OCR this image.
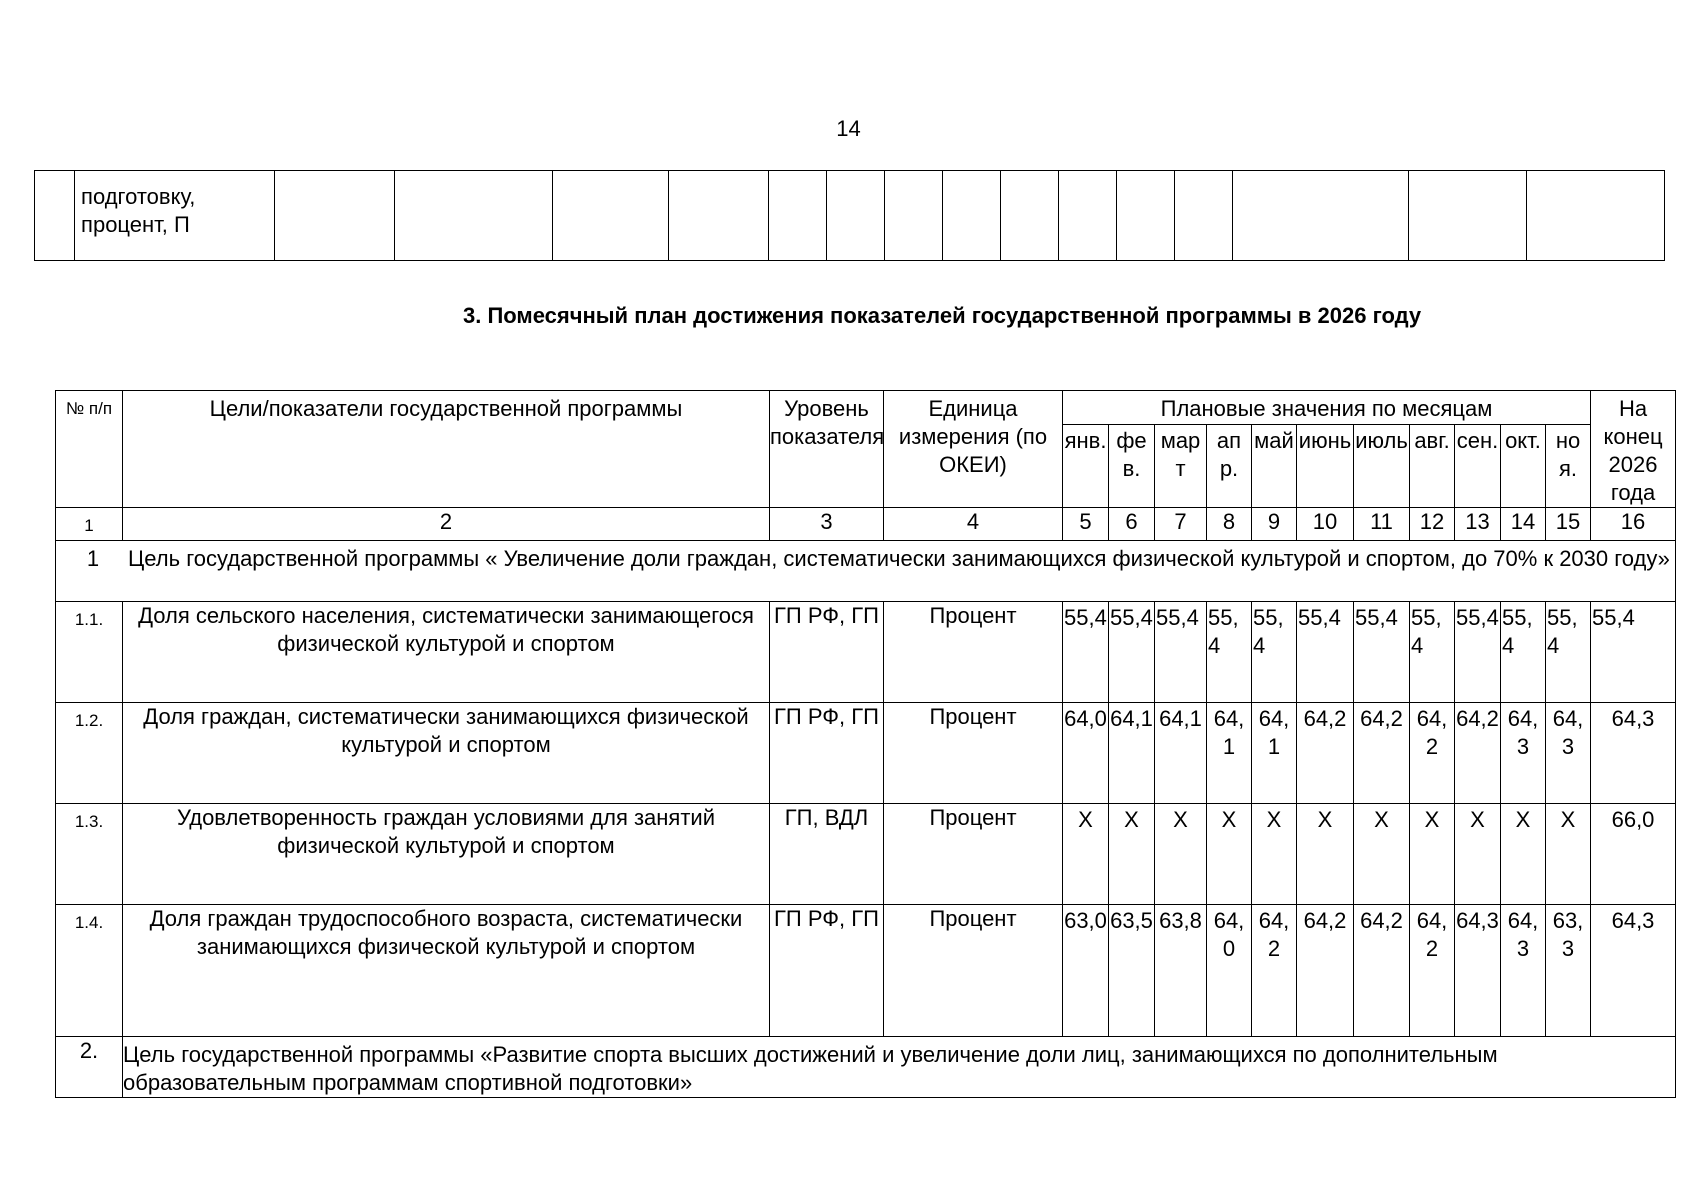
14
	подготовку, процент, П															
3. Помесячный план достижения показателей государственной программы в 2026 году
№ п/п	Цели/показатели государственной программы	Уровень показателя	Единица измерения (по ОКЕИ)	Плановые значения по месяцам											На конец 2026 года
				янв.	фев.	март	апр.	май	июнь	июль	авг.	сен.	окт.	ноя.	
1	2	3	4	5	6	7	8	9	10	11	12	13	14	15	16
1 Цель государственной программы « Увеличение доли граждан, систематически занимающихся физической культурой и спортом, до 70% к 2030 году»															
1.1.	Доля сельского населения, систематически занимающегося физической культурой и спортом	ГП РФ, ГП	Процент	55,4	55,4	55,4	55,4	55,4	55,4	55,4	55,4	55,4	55,4	55,4	55,4
1.2.	Доля граждан, систематически занимающихся физической культурой и спортом	ГП РФ, ГП	Процент	64,0	64,1	64,1	64,1	64,1	64,2	64,2	64,2	64,2	64,3	64,3	64,3
1.3.	Удовлетворенность граждан условиями для занятий физической культурой и спортом	ГП, ВДЛ	Процент	Х	Х	Х	Х	Х	Х	Х	Х	Х	Х	Х	66,0
1.4.	Доля граждан трудоспособного возраста, систематически занимающихся физической культурой и спортом	ГП РФ, ГП	Процент	63,0	63,5	63,8	64,0	64,2	64,2	64,2	64,2	64,3	64,3	63,3	64,3
2.	Цель государственной программы «Развитие спорта высших достижений и увеличение доли лиц, занимающихся по дополнительным образовательным программам спортивной подготовки»														
